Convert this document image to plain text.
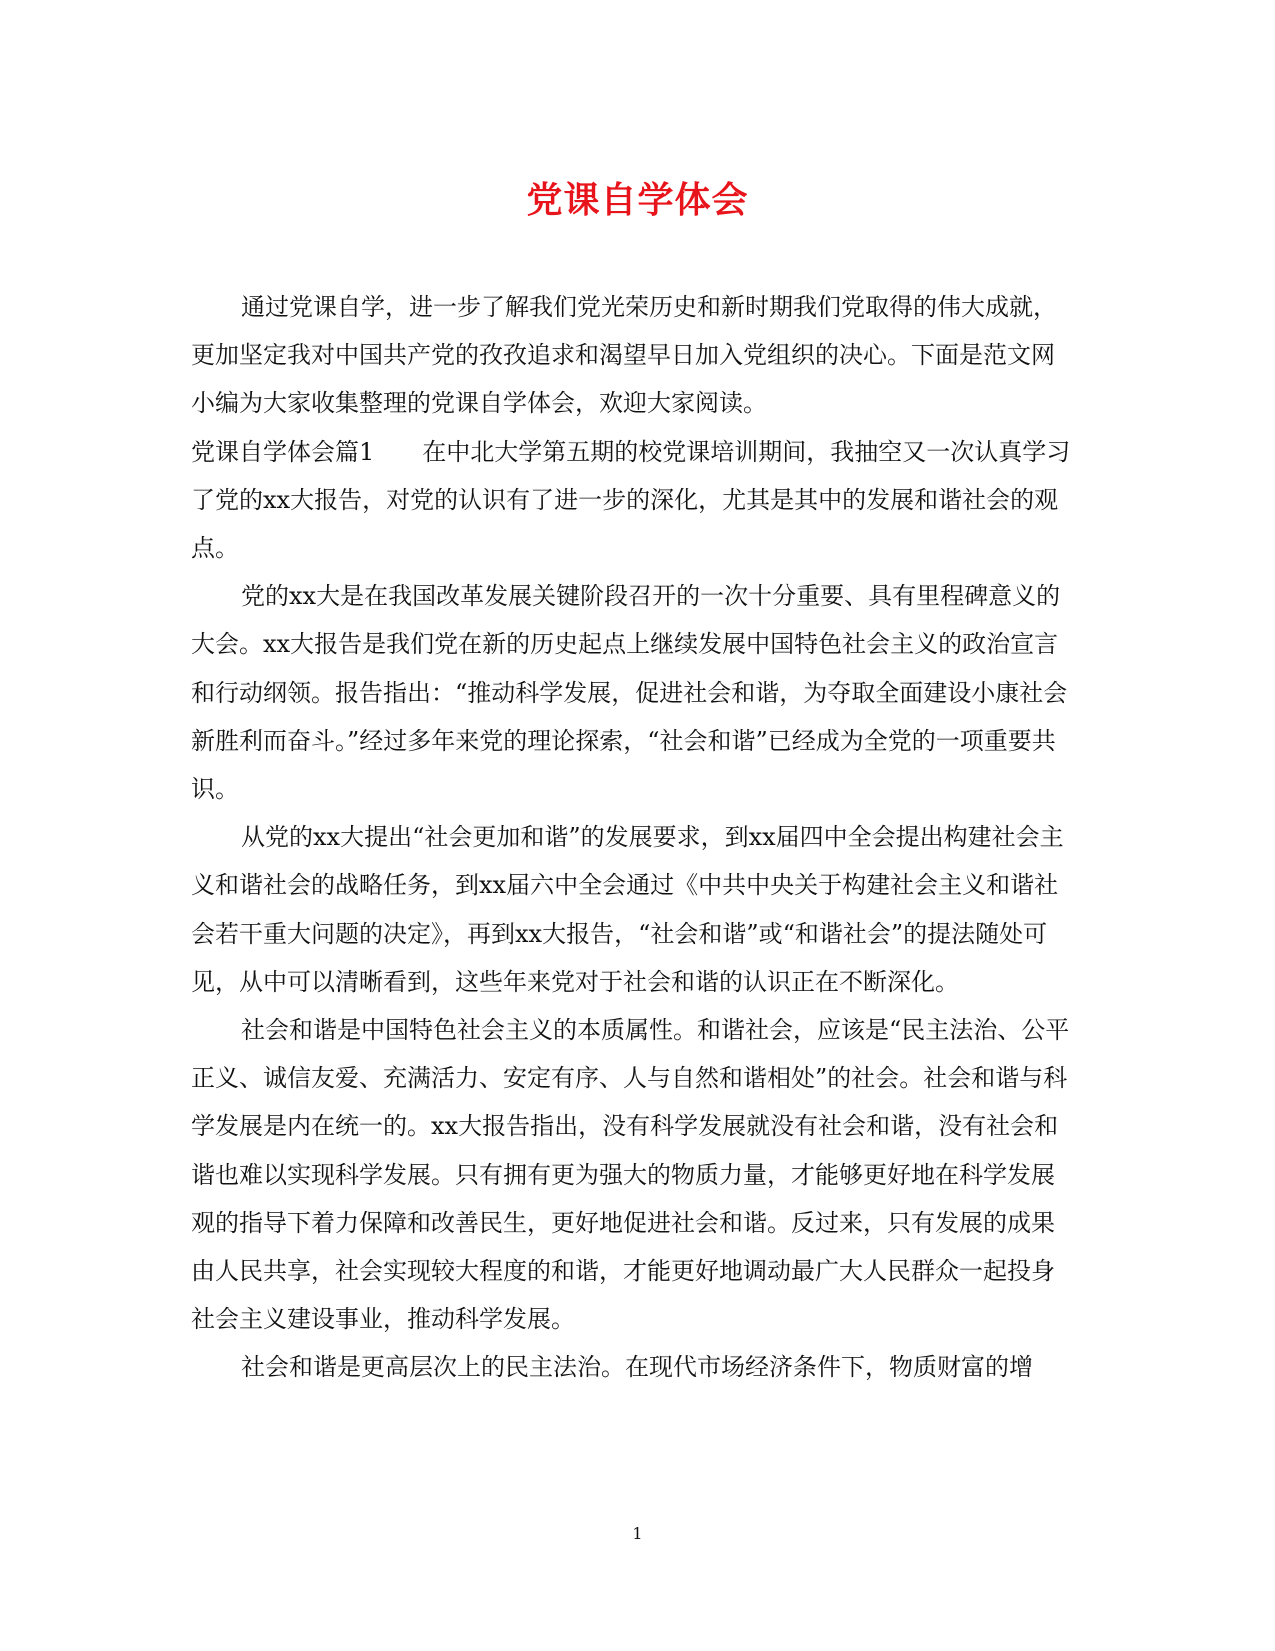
党课自学体会

通过党课自学，进一步了解我们党光荣历史和新时期我们党取得的伟大成就，更加坚定我对中国共产党的孜孜追求和渴望早日加入党组织的决心。下面是范文网小编为大家收集整理的党课自学体会，欢迎大家阅读。

党课自学体会篇1　　在中北大学第五期的校党课培训期间，我抽空又一次认真学习了党的xx大报告，对党的认识有了进一步的深化，尤其是其中的发展和谐社会的观点。

党的xx大是在我国改革发展关键阶段召开的一次十分重要、具有里程碑意义的大会。xx大报告是我们党在新的历史起点上继续发展中国特色社会主义的政治宣言和行动纲领。报告指出：“推动科学发展，促进社会和谐，为夺取全面建设小康社会新胜利而奋斗。”经过多年来党的理论探索，“社会和谐”已经成为全党的一项重要共识。

从党的xx大提出“社会更加和谐”的发展要求，到xx届四中全会提出构建社会主义和谐社会的战略任务，到xx届六中全会通过《中共中央关于构建社会主义和谐社会若干重大问题的决定》，再到xx大报告，“社会和谐”或“和谐社会”的提法随处可见，从中可以清晰看到，这些年来党对于社会和谐的认识正在不断深化。

社会和谐是中国特色社会主义的本质属性。和谐社会，应该是“民主法治、公平正义、诚信友爱、充满活力、安定有序、人与自然和谐相处”的社会。社会和谐与科学发展是内在统一的。xx大报告指出，没有科学发展就没有社会和谐，没有社会和谐也难以实现科学发展。只有拥有更为强大的物质力量，才能够更好地在科学发展观的指导下着力保障和改善民生，更好地促进社会和谐。反过来，只有发展的成果由人民共享，社会实现较大程度的和谐，才能更好地调动最广大人民群众一起投身社会主义建设事业，推动科学发展。

社会和谐是更高层次上的民主法治。在现代市场经济条件下，物质财富的增

1
